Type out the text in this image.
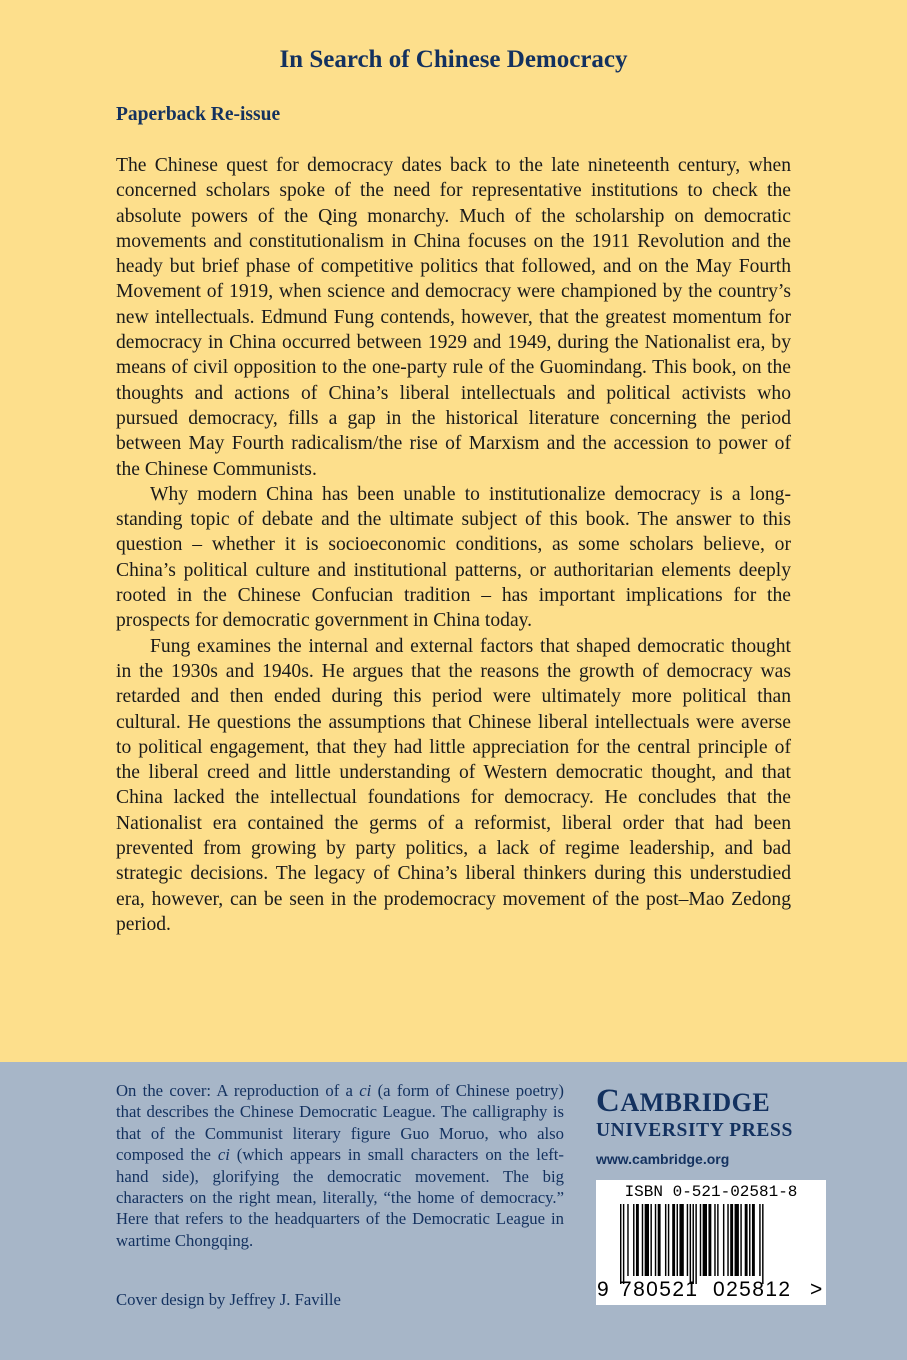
In Search of Chinese Democracy
Paperback Re-issue

The Chinese quest for democracy dates back to the late nineteenth century, when concerned scholars spoke of the need for representative institutions to check the absolute powers of the Qing monarchy. Much of the scholarship on democratic movements and constitutionalism in China focuses on the 1911 Revolution and the heady but brief phase of competitive politics that followed, and on the May Fourth Movement of 1919, when science and democracy were championed by the country’s new intellectuals. Edmund Fung contends, however, that the greatest momentum for democracy in China occurred between 1929 and 1949, during the Nationalist era, by means of civil opposition to the one-party rule of the Guomindang. This book, on the thoughts and actions of China’s liberal intellectuals and political activists who pursued democracy, fills a gap in the historical literature concerning the period between May Fourth radicalism/the rise of Marxism and the accession to power of the Chinese Communists.

Why modern China has been unable to institutionalize democracy is a long-standing topic of debate and the ultimate subject of this book. The answer to this question – whether it is socioeconomic conditions, as some scholars believe, or China’s political culture and institutional patterns, or authoritarian elements deeply rooted in the Chinese Confucian tradition – has important implications for the prospects for democratic government in China today.

Fung examines the internal and external factors that shaped democratic thought in the 1930s and 1940s. He argues that the reasons the growth of democracy was retarded and then ended during this period were ultimately more political than cultural. He questions the assumptions that Chinese liberal intellectuals were averse to political engagement, that they had little appreciation for the central principle of the liberal creed and little understanding of Western democratic thought, and that China lacked the intellectual foundations for democracy. He concludes that the Nationalist era contained the germs of a reformist, liberal order that had been prevented from growing by party politics, a lack of regime leadership, and bad strategic decisions. The legacy of China’s liberal thinkers during this understudied era, however, can be seen in the prodemocracy movement of the post–Mao Zedong period.

On the cover: A reproduction of a ci (a form of Chinese poetry) that describes the Chinese Democratic League. The calligraphy is that of the Communist literary figure Guo Moruo, who also composed the ci (which appears in small characters on the left-hand side), glorifying the democratic movement. The big characters on the right mean, literally, “the home of democracy.” Here that refers to the headquarters of the Democratic League in wartime Chongqing.
Cover design by Jeffrey J. Faville
CAMBRIDGE
UNIVERSITY PRESS
www.cambridge.org
ISBN 0-521-02581-8
9 780521 025812 >
